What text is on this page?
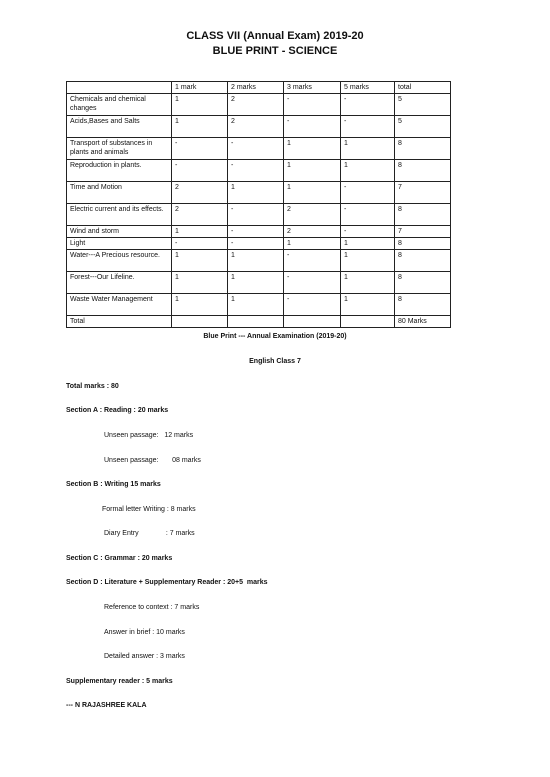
CLASS VII (Annual Exam) 2019-20
BLUE PRINT - SCIENCE
	1 mark	2 marks	3 marks	5 marks	total
Chemicals and chemical changes	1	2	-	-	5
Acids,Bases and Salts	1	2	-	-	5
Transport of substances in plants and animals	-	-	1	1	8
Reproduction in plants.	-	-	1	1	8
Time and Motion	2	1	1	-	7
Electric current and its effects.	2	-	2	-	8
Wind and storm	1	-	2	-	7
Light	-	-	1	1	8
Water---A Precious resource.	1	1	-	1	8
Forest---Our Lifeline.	1	1	-	1	8
Waste Water Management	1	1	-	1	8
Total					80 Marks
Blue Print --- Annual Examination (2019-20)
English Class 7
Total marks : 80
Section A : Reading : 20 marks
Unseen passage:   12 marks
Unseen passage:       08 marks
Section B : Writing 15 marks
Formal letter Writing : 8 marks
Diary Entry              : 7 marks
Section C : Grammar : 20 marks
Section D : Literature + Supplementary Reader : 20+5  marks
Reference to context : 7 marks
Answer in brief : 10 marks
Detailed answer : 3 marks
Supplementary reader : 5 marks
--- N RAJASHREE KALA
